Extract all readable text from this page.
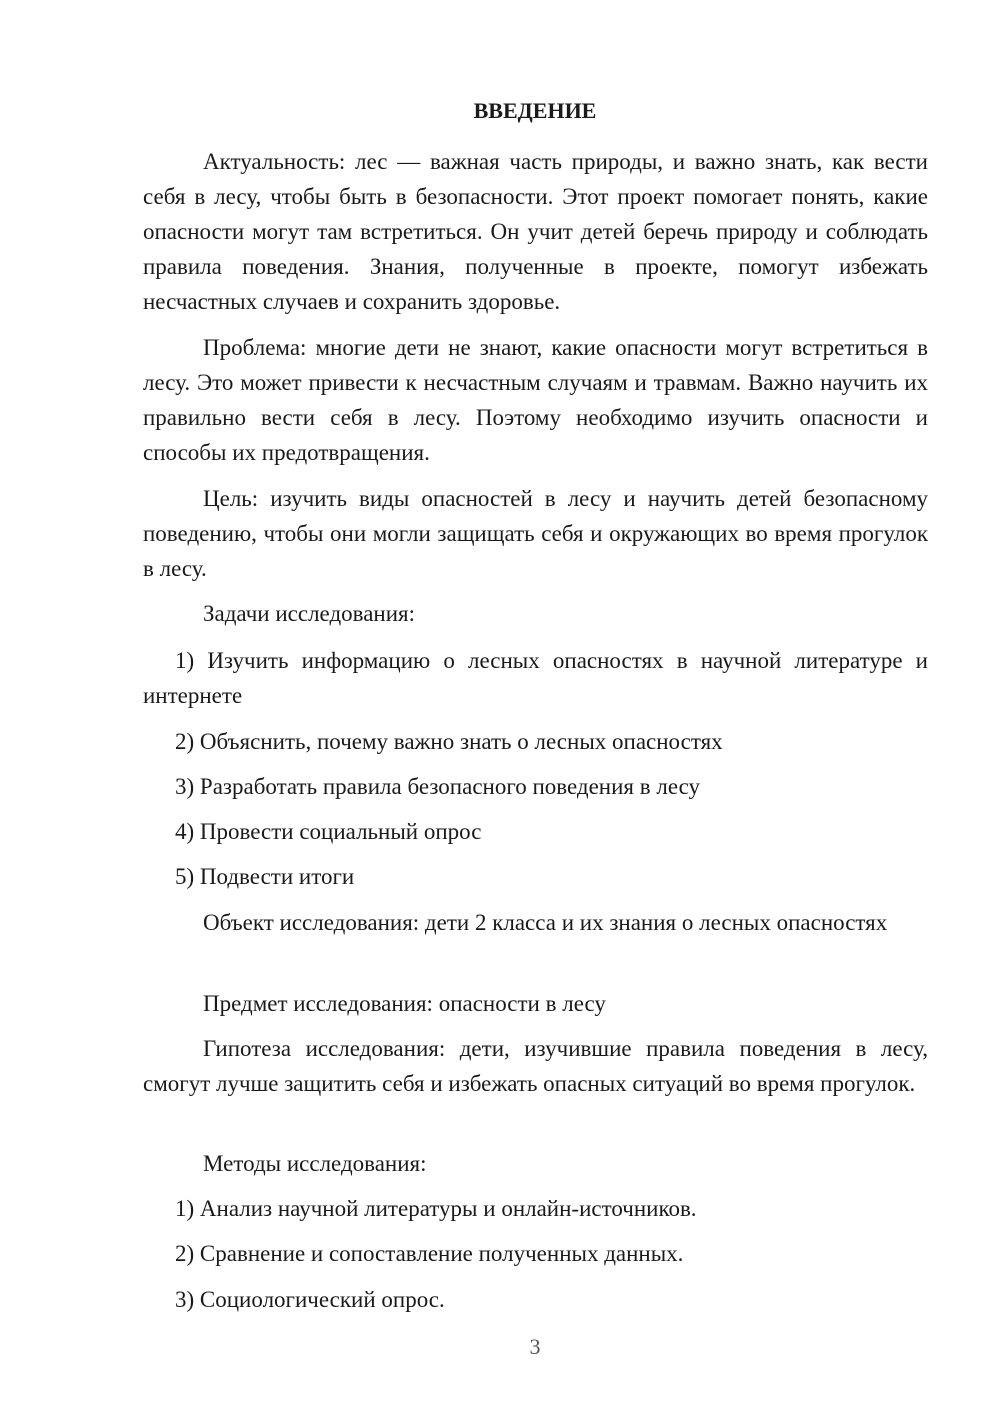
ВВЕДЕНИЕ

Актуальность: лес — важная часть природы, и важно знать, как вести себя в лесу, чтобы быть в безопасности. Этот проект помогает понять, какие опасности могут там встретиться. Он учит детей беречь природу и соблюдать правила поведения. Знания, полученные в проекте, помогут избежать несчастных случаев и сохранить здоровье.

Проблема: многие дети не знают, какие опасности могут встретиться в лесу. Это может привести к несчастным случаям и травмам. Важно научить их правильно вести себя в лесу. Поэтому необходимо изучить опасности и способы их предотвращения.

Цель: изучить виды опасностей в лесу и научить детей безопасному поведению, чтобы они могли защищать себя и окружающих во время прогулок в лесу.

Задачи исследования:

1) Изучить информацию о лесных опасностях в научной литературе и интернете

2) Объяснить, почему важно знать о лесных опасностях

3) Разработать правила безопасного поведения в лесу

4) Провести социальный опрос

5) Подвести итоги

Объект исследования: дети 2 класса и их знания о лесных опасностях

Предмет исследования: опасности в лесу

Гипотеза исследования: дети, изучившие правила поведения в лесу, смогут лучше защитить себя и избежать опасных ситуаций во время прогулок.

Методы исследования:

1) Анализ научной литературы и онлайн-источников.

2) Сравнение и сопоставление полученных данных.

3) Социологический опрос.

3
